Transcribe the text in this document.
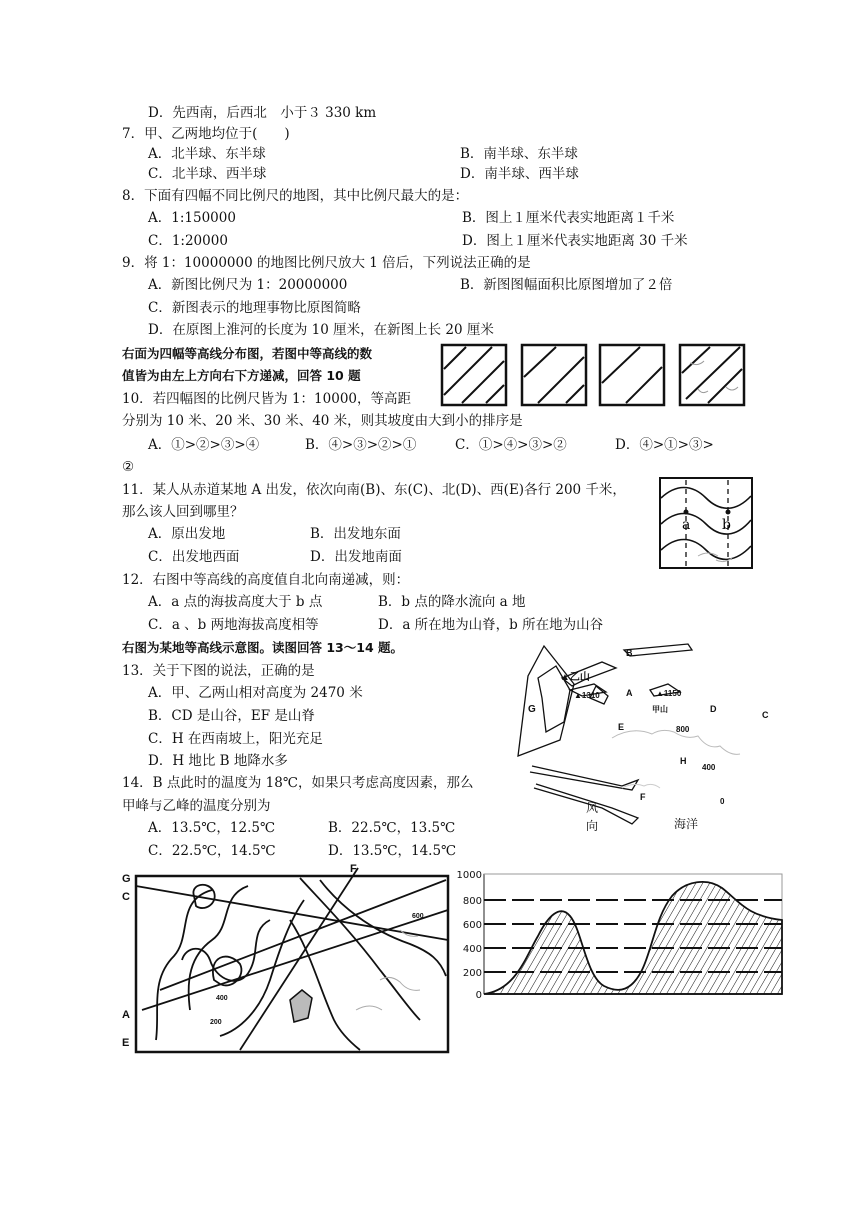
D．先西南，后西北　小于３ 330 km
7．甲、乙两地均位于(　　)
A．北半球、东半球	B．南半球、东半球
C．北半球、西半球	D．南半球、西半球
8．下面有四幅不同比例尺的地图，其中比例尺最大的是：
A．1:150000	B．图上１厘米代表实地距离１千米
C．1:20000	D．图上１厘米代表实地距离 30 千米
9．将 1：10000000 的地图比例尺放大 1 倍后，下列说法正确的是
A．新图比例尺为 1：20000000	B．新图图幅面积比原图增加了２倍
C．新图表示的地理事物比原图简略
D．在原图上淮河的长度为 10 厘米，在新图上长 20 厘米
右面为四幅等高线分布图，若图中等高线的数
值皆为由左上方向右下方递减，回答 10 题
10．若四幅图的比例尺皆为 1：10000，等高距
分别为 10 米、20 米、30 米、40 米，则其坡度由大到小的排序是
A．①>②>③>④	B．④>③>②>①	C．①>④>③>②	D．④>①>③>
②
11．某人从赤道某地 A 出发，依次向南(B)、东(C)、北(D)、西(E)各行 200 千米，
那么该人回到哪里？
A．原出发地	B．出发地东面
C．出发地西面	D．出发地南面
12．右图中等高线的高度值自北向南递减，则：
A．a 点的海拔高度大于 b 点	B．b 点的降水流向 a 地
C．a 、b 两地海拔高度相等	D．a 所在地为山脊，b 所在地为山谷
右图为某地等高线示意图。读图回答 13～14 题。
13．关于下图的说法，正确的是
A．甲、乙两山相对高度为 2470 米
B．CD 是山谷，EF 是山脊
C．H 在西南坡上，阳光充足
D．H 地比 B 地降水多
14．B 点此时的温度为 18℃，如果只考虑高度因素，那么
甲峰与乙峰的温度分别为
A．13.5℃，12.5℃	B．22.5℃，13.5℃
C．22.5℃，14.5℃	D．13.5℃，14.5℃
a b
B
▲乙山
▲1310	A	▲1150
甲山
G
E
D
C
800
H
400
F	0
风
向	海洋
G
C
F
A
E
600
400
200
1000
800
600
400
200
0
